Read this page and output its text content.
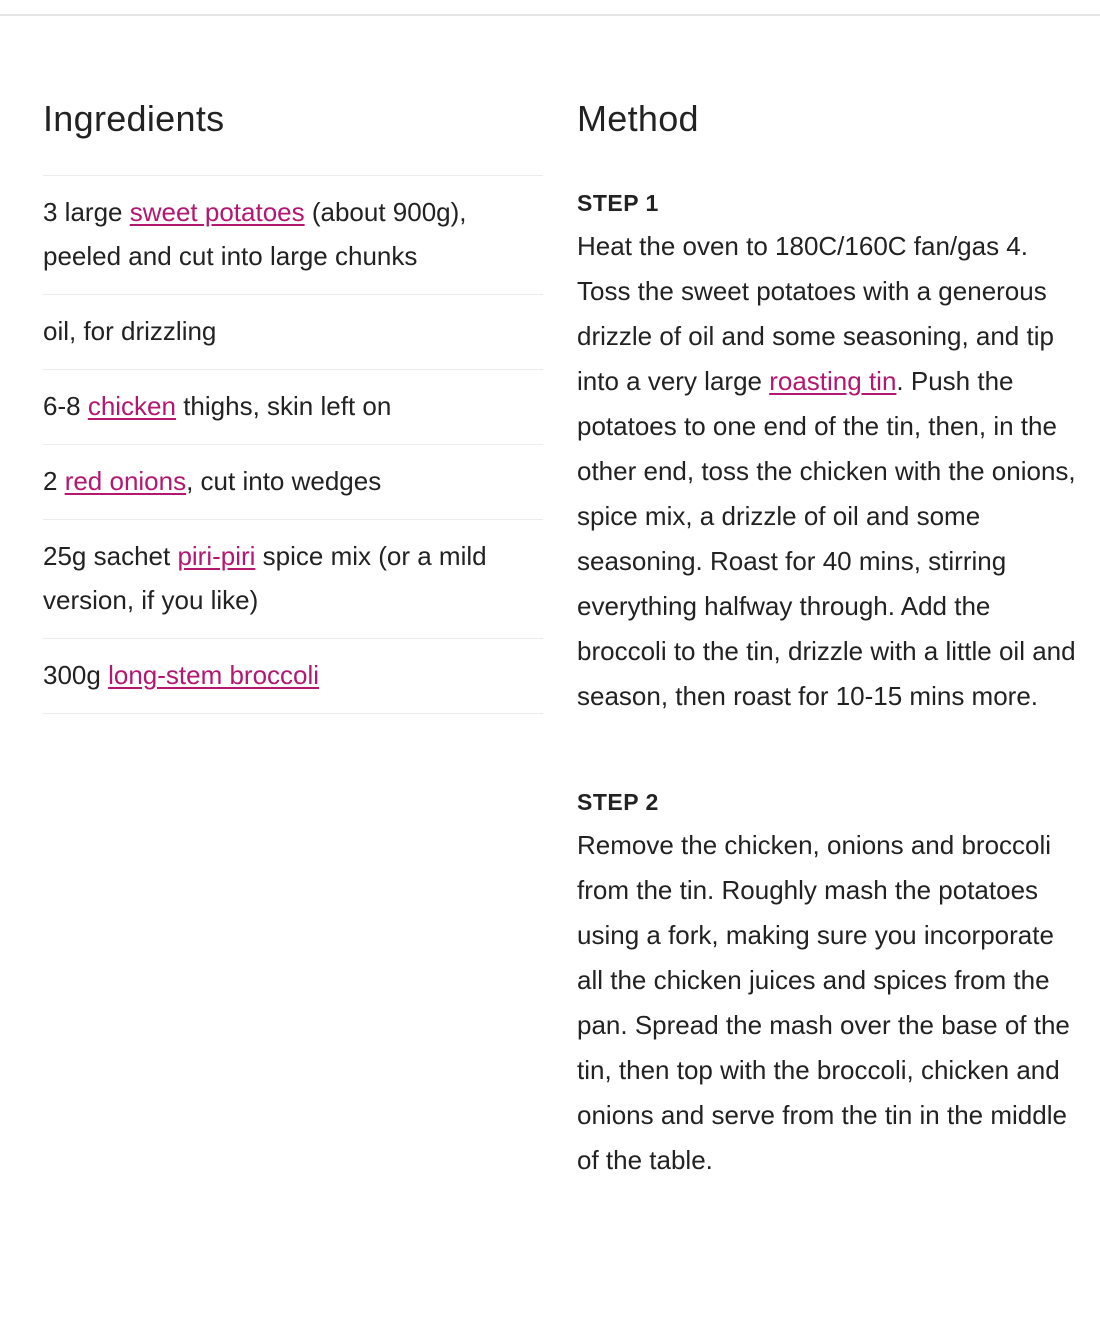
Ingredients
3 large sweet potatoes (about 900g), peeled and cut into large chunks
oil, for drizzling
6-8 chicken thighs, skin left on
2 red onions, cut into wedges
25g sachet piri-piri spice mix (or a mild version, if you like)
300g long-stem broccoli
Method
STEP 1

Heat the oven to 180C/160C fan/gas 4. Toss the sweet potatoes with a generous drizzle of oil and some seasoning, and tip into a very large roasting tin. Push the potatoes to one end of the tin, then, in the other end, toss the chicken with the onions, spice mix, a drizzle of oil and some seasoning. Roast for 40 mins, stirring everything halfway through. Add the broccoli to the tin, drizzle with a little oil and season, then roast for 10-15 mins more.

STEP 2

Remove the chicken, onions and broccoli from the tin. Roughly mash the potatoes using a fork, making sure you incorporate all the chicken juices and spices from the pan. Spread the mash over the base of the tin, then top with the broccoli, chicken and onions and serve from the tin in the middle of the table.
